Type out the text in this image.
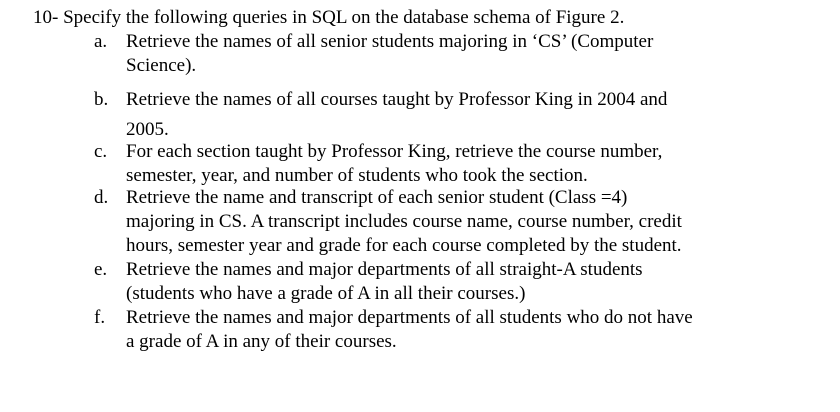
10- Specify the following queries in SQL on the database schema of Figure 2.
a. Retrieve the names of all senior students majoring in ‘CS’ (Computer
Science).
b. Retrieve the names of all courses taught by Professor King in 2004 and
2005.
c. For each section taught by Professor King, retrieve the course number,
semester, year, and number of students who took the section.
d. Retrieve the name and transcript of each senior student (Class =4)
majoring in CS. A transcript includes course name, course number, credit
hours, semester year and grade for each course completed by the student.
e. Retrieve the names and major departments of all straight-A students
(students who have a grade of A in all their courses.)
f.	Retrieve the names and major departments of all students who do not have
a grade of A in any of their courses.
